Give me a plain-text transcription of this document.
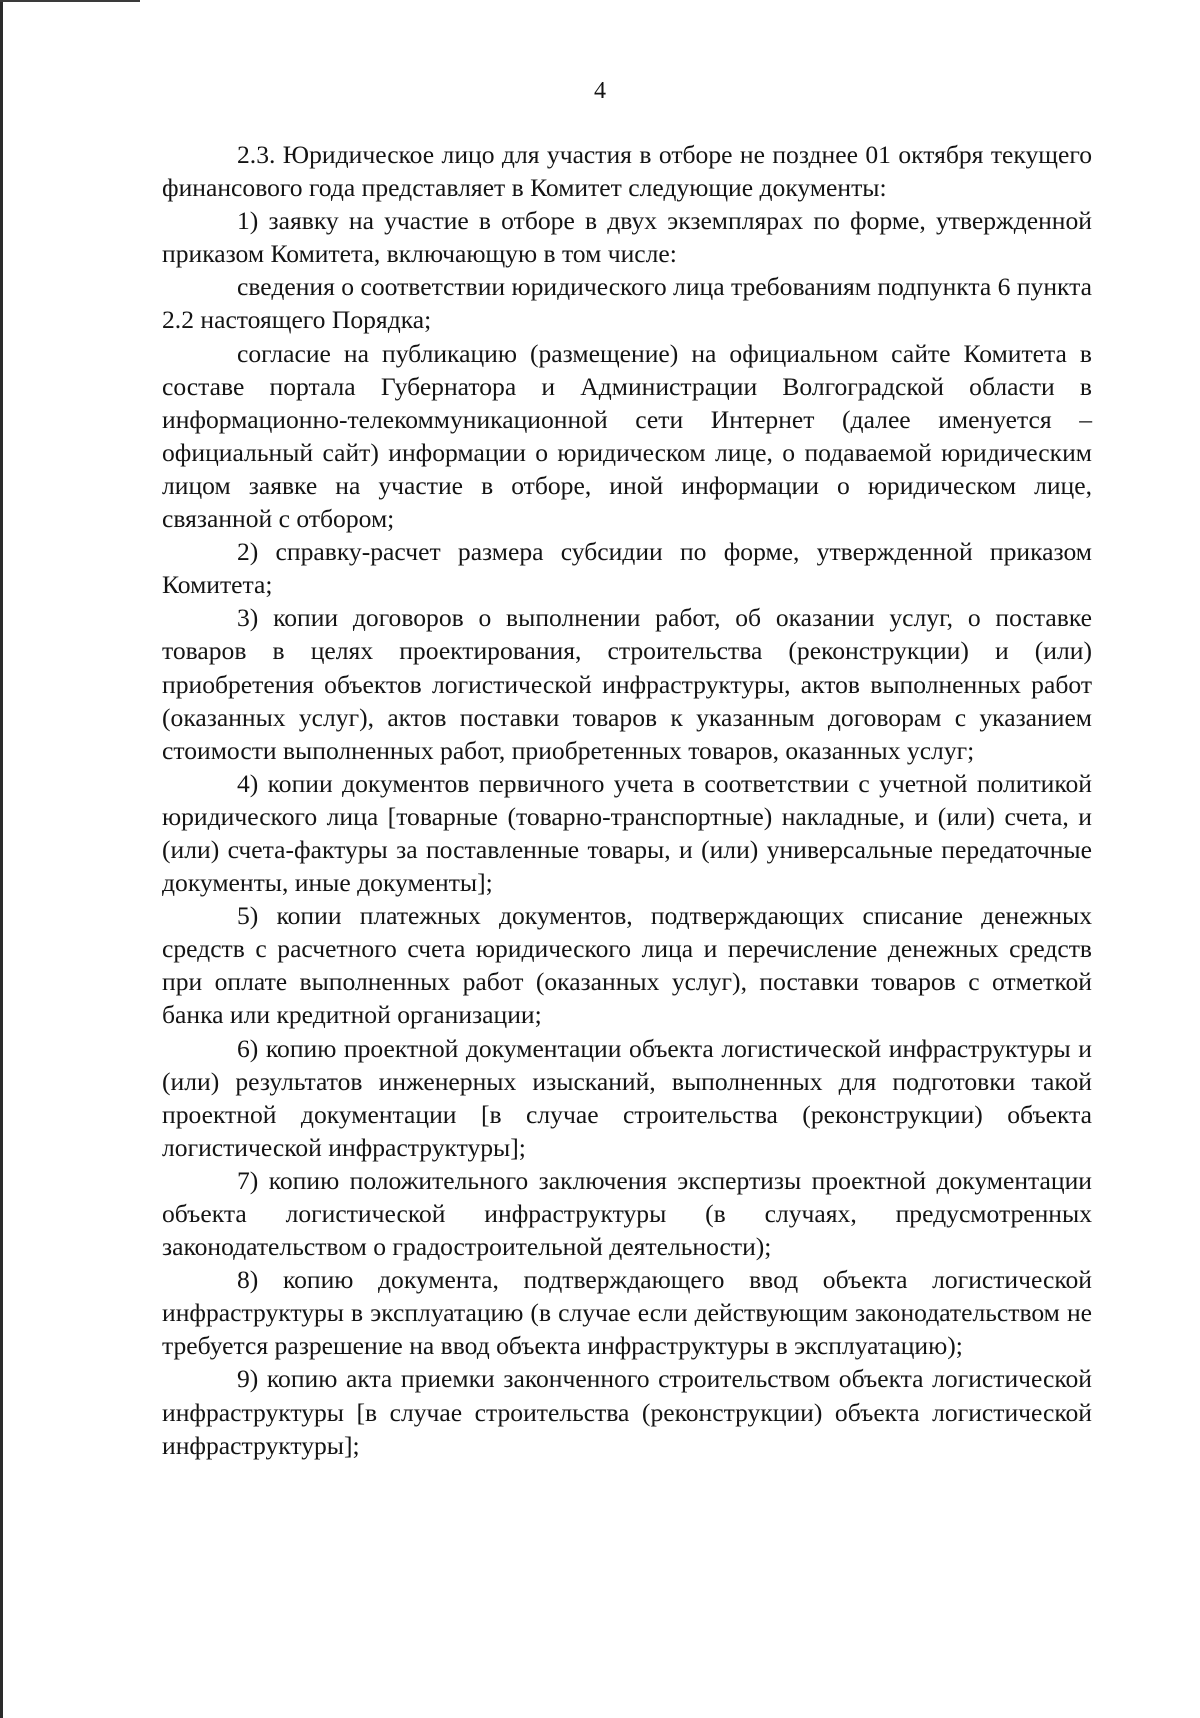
4

2.3. Юридическое лицо для участия в отборе не позднее 01 октября текущего финансового года представляет в Комитет следующие документы:

1) заявку на участие в отборе в двух экземплярах по форме, утвержденной приказом Комитета, включающую в том числе:

сведения о соответствии юридического лица требованиям подпункта 6 пункта 2.2 настоящего Порядка;

согласие на публикацию (размещение) на официальном сайте Комитета в составе портала Губернатора и Администрации Волгоградской области в информационно-телекоммуникационной сети Интернет (далее именуется – официальный сайт) информации о юридическом лице, о подаваемой юридическим лицом заявке на участие в отборе, иной информации о юридическом лице, связанной с отбором;

2) справку-расчет размера субсидии по форме, утвержденной приказом Комитета;

3) копии договоров о выполнении работ, об оказании услуг, о поставке товаров в целях проектирования, строительства (реконструкции) и (или) приобретения объектов логистической инфраструктуры, актов выполненных работ (оказанных услуг), актов поставки товаров к указанным договорам с указанием стоимости выполненных работ, приобретенных товаров, оказанных услуг;

4) копии документов первичного учета в соответствии с учетной политикой юридического лица [товарные (товарно-транспортные) накладные, и (или) счета, и (или) счета-фактуры за поставленные товары, и (или) универсальные передаточные документы, иные документы];

5) копии платежных документов, подтверждающих списание денежных средств с расчетного счета юридического лица и перечисление денежных средств при оплате выполненных работ (оказанных услуг), поставки товаров с отметкой банка или кредитной организации;

6) копию проектной документации объекта логистической инфраструктуры и (или) результатов инженерных изысканий, выполненных для подготовки такой проектной документации [в случае строительства (реконструкции) объекта логистической инфраструктуры];

7) копию положительного заключения экспертизы проектной документации объекта логистической инфраструктуры (в случаях, предусмотренных законодательством о градостроительной деятельности);

8) копию документа, подтверждающего ввод объекта логистической инфраструктуры в эксплуатацию (в случае если действующим законодательством не требуется разрешение на ввод объекта инфраструктуры в эксплуатацию);

9) копию акта приемки законченного строительством объекта логистической инфраструктуры [в случае строительства (реконструкции) объекта логистической инфраструктуры];
